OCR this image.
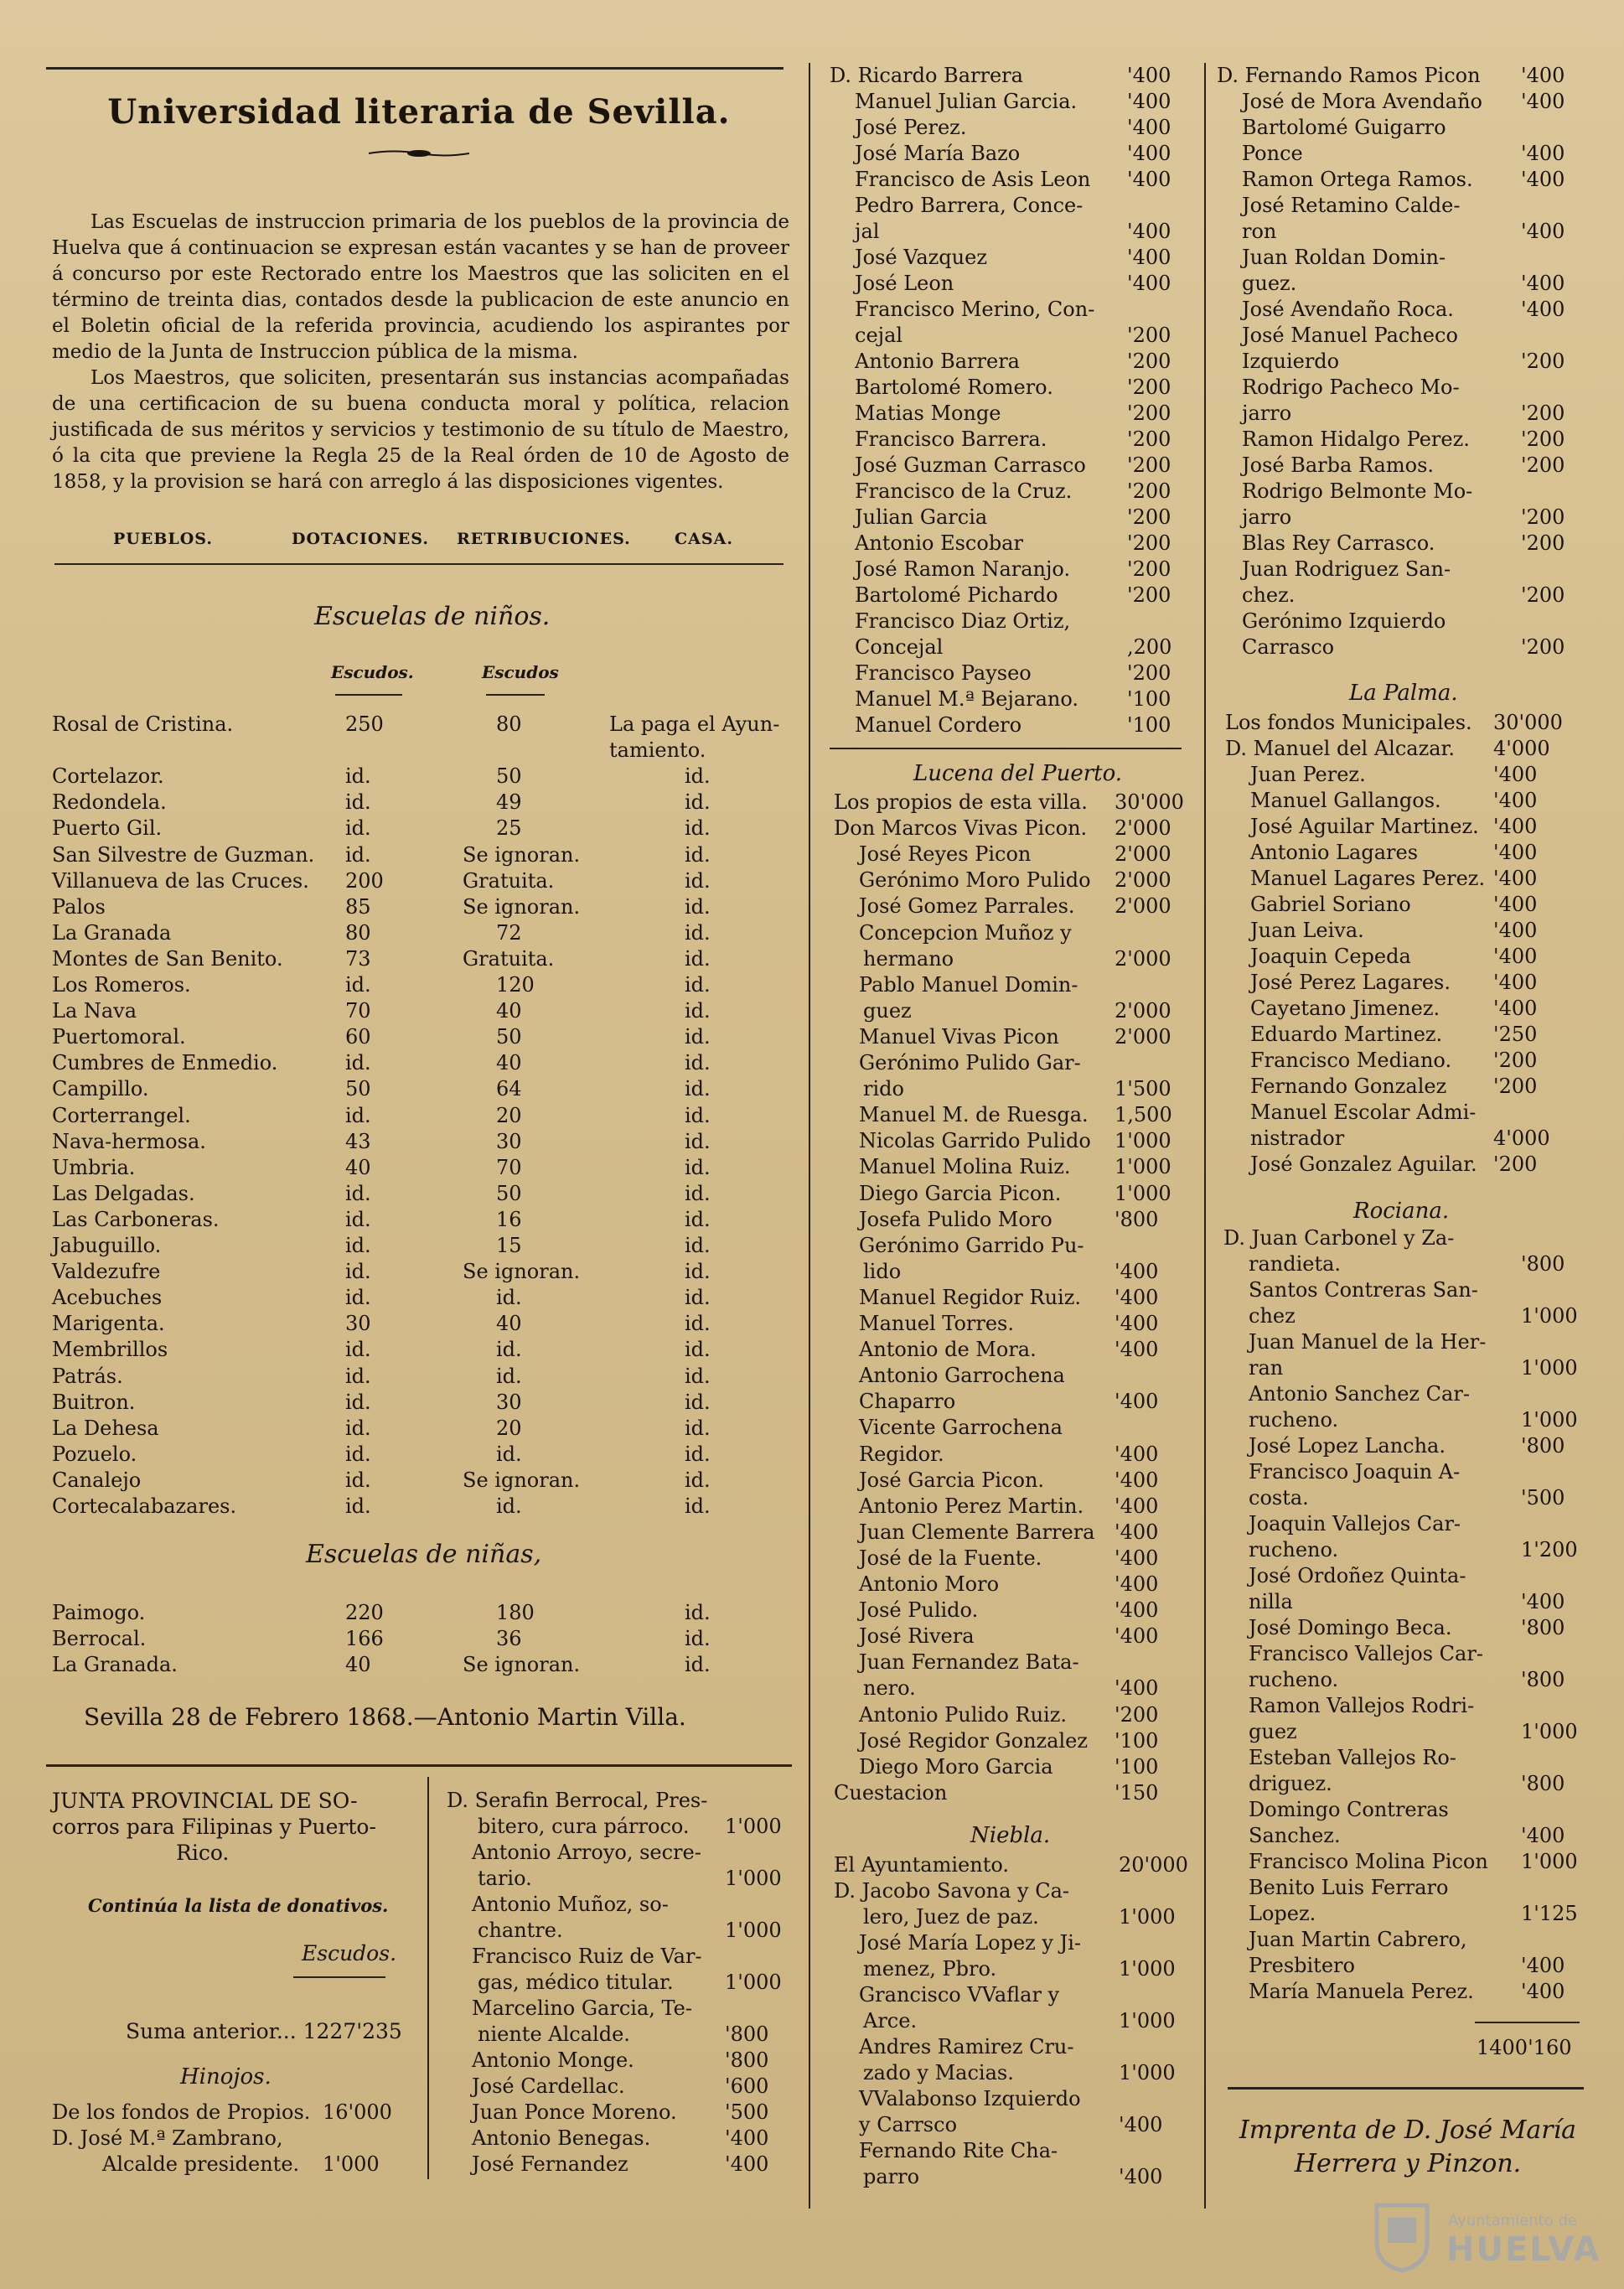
Universidad literaria de Sevilla.

Las Escuelas de instruccion primaria de los pueblos de la provincia de Huelva que á continuacion se expresan están vacantes y se han de proveer á concurso por este Rectorado entre los Maestros que las soliciten en el término de treinta dias, contados desde la publicacion de este anuncio en el Boletin oficial de la referida provincia, acudiendo los aspirantes por medio de la Junta de Instruccion pública de la misma.

Los Maestros, que soliciten, presentarán sus instancias acompañadas de una certificacion de su buena conducta moral y política, relacion justificada de sus méritos y servicios y testimonio de su título de Maestro, ó la cita que previene la Regla 25 de la Real órden de 10 de Agosto de 1858, y la provision se hará con arreglo á las disposiciones vigentes.

PUEBLOS.	DOTACIONES. RETRIBUCIONES.	CASA.
Escuelas de niños.
Escudos.	Escudos
Rosal de Cristina.	250	80	La paga el Ayun-
tamiento.
Cortelazor.	id.	50	id.
Redondela.	id.	49	id.
Puerto Gil.	id.	25	id.
San Silvestre de Guzman. id.	Se ignoran.	id.
Villanueva de las Cruces. 200	Gratuita.	id.
Palos	85	Se ignoran.	id.
La Granada	80	72	id.
Montes de San Benito.	73	Gratuita.	id.
Los Romeros.	id.	120	id.
La Nava	70	40	id.
Puertomoral.	60	50	id.
Cumbres de Enmedio.	id.	40	id.
Campillo.	50	64	id.
Corterrangel.	id.	20	id.
Nava-hermosa.	43	30	id.
Umbria.	40	70	id.
Las Delgadas.	id.	50	id.
Las Carboneras.	id.	16	id.
Jabuguillo.	id.	15	id.
Valdezufre	id.	Se ignoran.	id.
Acebuches	id.	id.	id.
Marigenta.	30	40	id.
Membrillos	id.	id.	id.
Patrás.	id.	id.	id.
Buitron.	id.	30	id.
La Dehesa	id.	20	id.
Pozuelo.	id.	id.	id.
Canalejo	id.	Se ignoran.	id.
Cortecalabazares.	id.	id.	id.
Escuelas de niñas,
Paimogo.	220	180	id.
Berrocal.	166	36	id.
La Granada.	40	Se ignoran.	id.
Sevilla 28 de Febrero 1868.—Antonio Martin Villa.
JUNTA PROVINCIAL DE SO-
corros para Filipinas y Puerto-
Rico.
Continúa la lista de donativos.
Escudos.
Suma anterior... 1227'235
Hinojos.
De los fondos de Propios. 16'000
D. José M.ª Zambrano,
Alcalde presidente. 1'000
D. Serafin Berrocal, Pres-
bitero, cura párroco. 1'000
Antonio Arroyo, secre-
tario.	1'000
Antonio Muñoz, so-
chantre.	1'000
Francisco Ruiz de Var-
gas, médico titular.	1'000
Marcelino Garcia, Te-
niente Alcalde.	'800
Antonio Monge.	'800
José Cardellac.	'600
Juan Ponce Moreno. '500
Antonio Benegas.	'400
José Fernandez	'400
D. Ricardo Barrera	'400
Manuel Julian Garcia. '400
José Perez.	'400
José María Bazo	'400
Francisco de Asis Leon '400
Pedro Barrera, Conce-
jal	'400
José Vazquez	'400
José Leon	'400
Francisco Merino, Con-
cejal	'200
Antonio Barrera	'200
Bartolomé Romero.	'200
Matias Monge	'200
Francisco Barrera.	'200
José Guzman Carrasco '200
Francisco de la Cruz.	'200
Julian Garcia	'200
Antonio Escobar	'200
José Ramon Naranjo.	'200
Bartolomé Pichardo	'200
Francisco Diaz Ortiz,
Concejal	,200
Francisco Payseo	'200
Manuel M.ª Bejarano. '100
Manuel Cordero	'100
Lucena del Puerto.
Los propios de esta villa. 30'000
Don Marcos Vivas Picon. 2'000
José Reyes Picon	2'000
Gerónimo Moro Pulido 2'000
José Gomez Parrales. 2'000
Concepcion Muñoz y
hermano	2'000
Pablo Manuel Domin-
guez	2'000
Manuel Vivas Picon	2'000
Gerónimo Pulido Gar-
rido	1'500
Manuel M. de Ruesga. 1,500
Nicolas Garrido Pulido 1'000
Manuel Molina Ruiz. 1'000
Diego Garcia Picon.	1'000
Josefa Pulido Moro	'800
Gerónimo Garrido Pu-
lido	'400
Manuel Regidor Ruiz. '400
Manuel Torres.	'400
Antonio de Mora.	'400
Antonio Garrochena
Chaparro	'400
Vicente Garrochena
Regidor.	'400
José Garcia Picon.	'400
Antonio Perez Martin. '400
Juan Clemente Barrera '400
José de la Fuente.	'400
Antonio Moro	'400
José Pulido.	'400
José Rivera	'400
Juan Fernandez Bata-
nero.	'400
Antonio Pulido Ruiz. '200
José Regidor Gonzalez '100
Diego Moro Garcia	'100
Cuestacion	'150
Niebla.
El Ayuntamiento.	20'000
D. Jacobo Savona y Ca-
lero, Juez de paz.	1'000
José María Lopez y Ji-
menez, Pbro.	1'000
Grancisco VVaflar y
Arce.	1'000
Andres Ramirez Cru-
zado y Macias.	1'000
VValabonso Izquierdo
y Carrsco	'400
Fernando Rite Cha-
parro	'400
D. Fernando Ramos Picon '400
José de Mora Avendaño '400
Bartolomé Guigarro
Ponce	'400
Ramon Ortega Ramos. '400
José Retamino Calde-
ron	'400
Juan Roldan Domin-
guez.	'400
José Avendaño Roca.	'400
José Manuel Pacheco
Izquierdo	'200
Rodrigo Pacheco Mo-
jarro	'200
Ramon Hidalgo Perez.	'200
José Barba Ramos.	'200
Rodrigo Belmonte Mo-
jarro	'200
Blas Rey Carrasco.	'200
Juan Rodriguez San-
chez.	'200
Gerónimo Izquierdo
Carrasco	'200
La Palma.
Los fondos Municipales. 30'000
D. Manuel del Alcazar. 4'000
Juan Perez.	'400
Manuel Gallangos.	'400
José Aguilar Martinez. '400
Antonio Lagares	'400
Manuel Lagares Perez. '400
Gabriel Soriano	'400
Juan Leiva.	'400
Joaquin Cepeda	'400
José Perez Lagares. '400
Cayetano Jimenez.	'400
Eduardo Martinez.	'250
Francisco Mediano. '200
Fernando Gonzalez '200
Manuel Escolar Admi-
nistrador	4'000
José Gonzalez Aguilar. '200
Rociana.
D. Juan Carbonel y Za-
randieta.	'800
Santos Contreras San-
chez	1'000
Juan Manuel de la Her-
ran	1'000
Antonio Sanchez Car-
rucheno.	1'000
José Lopez Lancha.	'800
Francisco Joaquin A-
costa.	'500
Joaquin Vallejos Car-
rucheno.	1'200
José Ordoñez Quinta-
nilla	'400
José Domingo Beca.	'800
Francisco Vallejos Car-
rucheno.	'800
Ramon Vallejos Rodri-
guez	1'000
Esteban Vallejos Ro-
driguez.	'800
Domingo Contreras
Sanchez.	'400
Francisco Molina Picon 1'000
Benito Luis Ferraro
Lopez.	1'125
Juan Martin Cabrero,
Presbitero	'400
María Manuela Perez. '400
1400'160
Imprenta de D. José María
Herrera y Pinzon.
Ayuntamiento de
HUELVA
